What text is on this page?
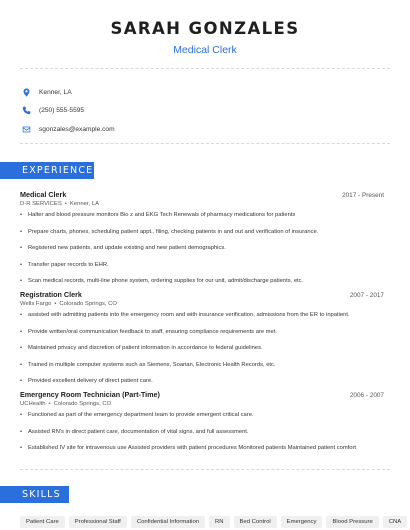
SARAH GONZALES
Medical Clerk
Kenner, LA
(250) 555-5595
sgonzales@example.com
EXPERIENCE
Medical Clerk	2017 - Present
D-R SERVICES • Kenner, LA
• Halter and blood pressure monitors Bio z and EKG Tech Renewals of pharmacy medications for patients
• Prepare charts, phones, scheduling patient appt., filing, checking patients in and out and verification of insurance.
• Registered new patients, and update existing and new patient demographics.
• Transfer paper records to EHR.
• Scan medical records, multi-line phone system, ordering supplies for our unit, admit/discharge patients, etc.
Registration Clerk	2007 - 2017
Wells Fargo • Colorado Springs, CO
• assisted with admitting patients into the emergency room and with insurance verification, admissions from the ER to inpatient.
• Provide written/oral communication feedback to staff, ensuring compliance requirements are met.
• Maintained privacy and discretion of patient information in accordance to federal guidelines.
• Trained in multiple computer systems such as Siemens, Soarian, Electronic Health Records, etc.
• Provided excellent delivery of direct patient care.
Emergency Room Technician (Part-Time)	2006 - 2007
UCHealth • Colorado Springs, CO
• Functioned as part of the emergency department team to provide emergent critical care.
• Assisted RN's in direct patient care, documentation of vital signs, and full assessment.
• Established IV site for intravenous use Assisted providers with patient procedures Monitored patients Maintained patient comfort
SKILLS
Patient Care	Professional Staff	Confidential Information	RN	Bed Control	Emergency	Blood Pressure	CNA
